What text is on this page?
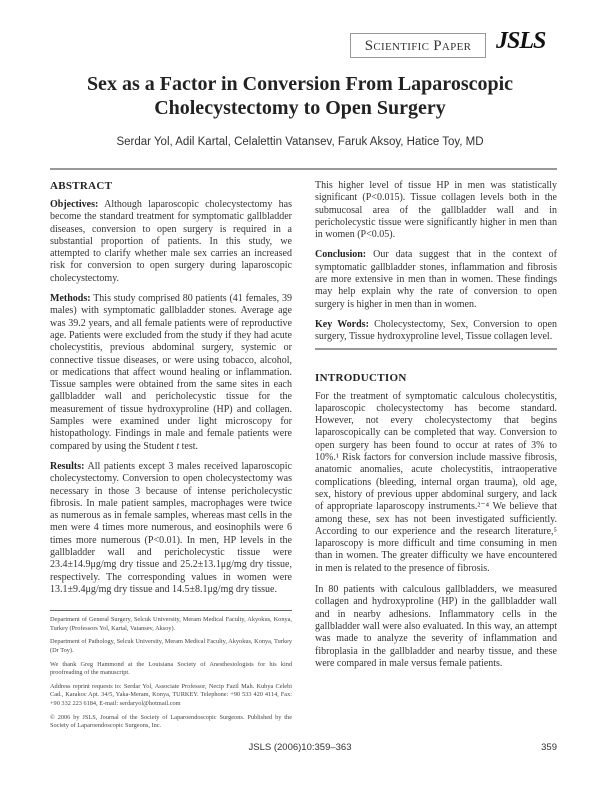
Scientific Paper	JSLS
Sex as a Factor in Conversion From Laparoscopic Cholecystectomy to Open Surgery
Serdar Yol, Adil Kartal, Celalettin Vatansev, Faruk Aksoy, Hatice Toy, MD
ABSTRACT

Objectives: Although laparoscopic cholecystectomy has become the standard treatment for symptomatic gallbladder diseases, conversion to open surgery is required in a substantial proportion of patients. In this study, we attempted to clarify whether male sex carries an increased risk for conversion to open surgery during laparoscopic cholecystectomy.

Methods: This study comprised 80 patients (41 females, 39 males) with symptomatic gallbladder stones. Average age was 39.2 years, and all female patients were of reproductive age. Patients were excluded from the study if they had acute cholecystitis, previous abdominal surgery, systemic or connective tissue diseases, or were using tobacco, alcohol, or medications that affect wound healing or inflammation. Tissue samples were obtained from the same sites in each gallbladder wall and pericholecystic tissue for the measurement of tissue hydroxyproline (HP) and collagen. Samples were examined under light microscopy for histopathology. Findings in male and female patients were compared by using the Student t test.

Results: All patients except 3 males received laparoscopic cholecystectomy. Conversion to open cholecystectomy was necessary in those 3 because of intense pericholecystic fibrosis. In male patient samples, macrophages were twice as numerous as in female samples, whereas mast cells in the men were 4 times more numerous, and eosinophils were 6 times more numerous (P<0.01). In men, HP levels in the gallbladder wall and pericholecystic tissue were 23.4±14.9μg/mg dry tissue and 25.2±13.1μg/mg dry tissue, respectively. The corresponding values in women were 13.1±9.4μg/mg dry tissue and 14.5±8.1μg/mg dry tissue.

Department of General Surgery, Selcuk University, Meram Medical Faculty, Akyokus, Konya, Turkey (Professors Yol, Kartal, Vatansev, Aksoy).

Department of Pathology, Selcuk University, Meram Medical Faculty, Akyokus, Konya, Turkey (Dr Toy).

We thank Greg Hammond at the Louisiana Society of Anesthesiologists for his kind proofreading of the manuscript.

Address reprint requests to: Serdar Yol, Associate Professor, Necip Fazil Mah. Kubya Celebi Cad., Karakoc Apt. 34/5, Yaka-Meram, Konya, TURKEY. Telephone: +90 533 420 4114, Fax: +90 332 223 6184, E-mail: serdaryol@hotmail.com

© 2006 by JSLS, Journal of the Society of Laparoendoscopic Surgeons. Published by the Society of Laparoendoscopic Surgeons, Inc.

This higher level of tissue HP in men was statistically significant (P<0.015). Tissue collagen levels both in the submucosal area of the gallbladder wall and in pericholecystic tissue were significantly higher in men than in women (P<0.05).

Conclusion: Our data suggest that in the context of symptomatic gallbladder stones, inflammation and fibrosis are more extensive in men than in women. These findings may help explain why the rate of conversion to open surgery is higher in men than in women.

Key Words: Cholecystectomy, Sex, Conversion to open surgery, Tissue hydroxyproline level, Tissue collagen level.

INTRODUCTION

For the treatment of symptomatic calculous cholecystitis, laparoscopic cholecystectomy has become standard. However, not every cholecystectomy that begins laparoscopically can be completed that way. Conversion to open surgery has been found to occur at rates of 3% to 10%.¹ Risk factors for conversion include massive fibrosis, anatomic anomalies, acute cholecystitis, intraoperative complications (bleeding, internal organ trauma), old age, sex, history of previous upper abdominal surgery, and lack of appropriate laparoscopy instruments.²⁻⁴ We believe that among these, sex has not been investigated sufficiently. According to our experience and the research literature,⁵ laparoscopy is more difficult and time consuming in men than in women. The greater difficulty we have encountered in men is related to the presence of fibrosis.

In 80 patients with calculous gallbladders, we measured collagen and hydroxyproline (HP) in the gallbladder wall and in nearby adhesions. Inflammatory cells in the gallbladder wall were also evaluated. In this way, an attempt was made to analyze the severity of inflammation and fibroplasia in the gallbladder and nearby tissue, and these were compared in male versus female patients.

JSLS (2006)10:359–363	359
